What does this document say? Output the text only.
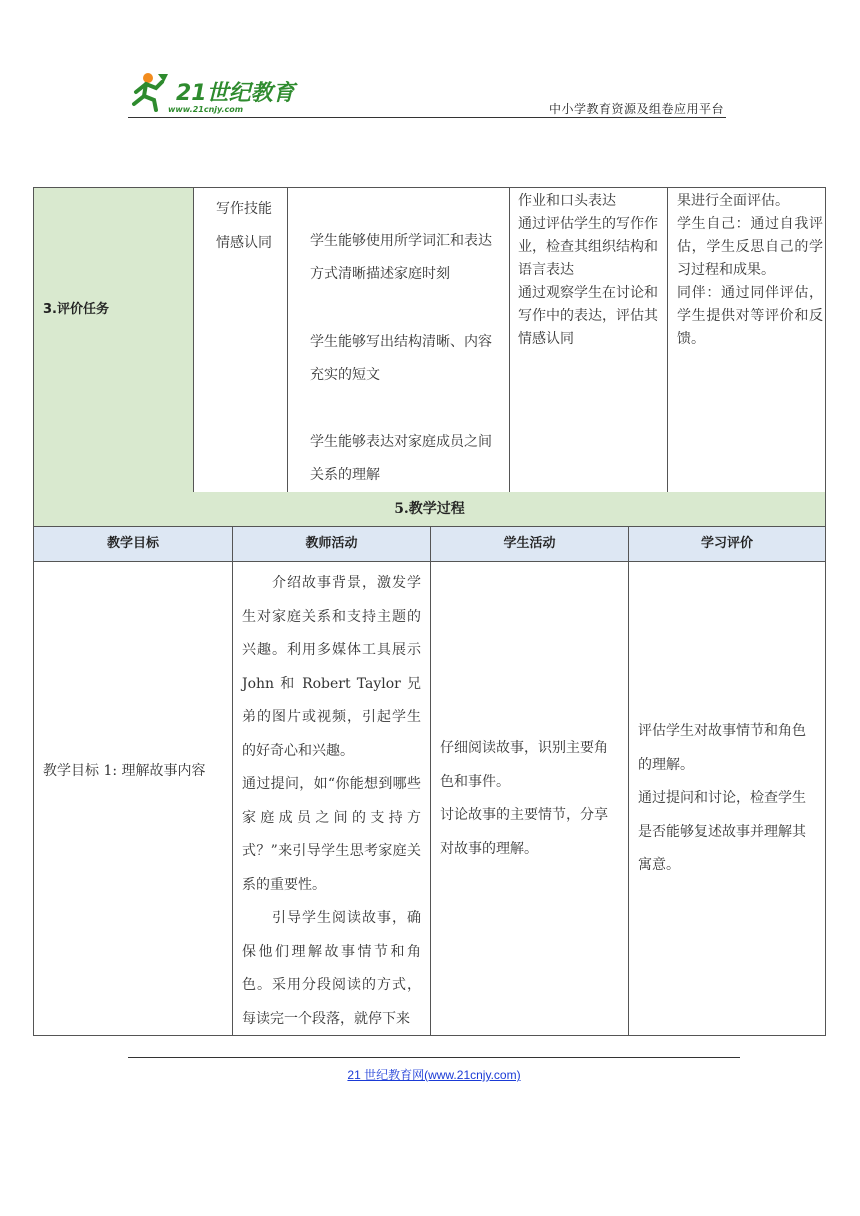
21世纪教育
www.21cnjy.com	中小学教育资源及组卷应用平台
3.评价任务
写作技能
情感认同	学生能够使用所学词汇和表达方式清晰描述家庭时刻
学生能够写出结构清晰、内容充实的短文
学生能够表达对家庭成员之间关系的理解
作业和口头表达
通过评估学生的写作作业，检查其组织结构和语言表达
通过观察学生在讨论和写作中的表达，评估其情感认同
果进行全面评估。
学生自己：通过自我评估，学生反思自己的学习过程和成果。
同伴：通过同伴评估，学生提供对等评价和反馈。
5.教学过程
教学目标
教学目标 1: 理解故事内容
教师活动
　　介绍故事背景，激发学生对家庭关系和支持主题的兴趣。利用多媒体工具展示 John 和 Robert Taylor 兄弟的图片或视频，引起学生的好奇心和兴趣。
通过提问，如“你能想到哪些家庭成员之间的支持方式？”来引导学生思考家庭关系的重要性。
　　引导学生阅读故事，确保他们理解故事情节和角色。采用分段阅读的方式，每读完一个段落，就停下来
学生活动
仔细阅读故事，识别主要角色和事件。
讨论故事的主要情节，分享对故事的理解。
学习评价
评估学生对故事情节和角色的理解。
通过提问和讨论，检查学生是否能够复述故事并理解其寓意。
21 世纪教育网(www.21cnjy.com)
